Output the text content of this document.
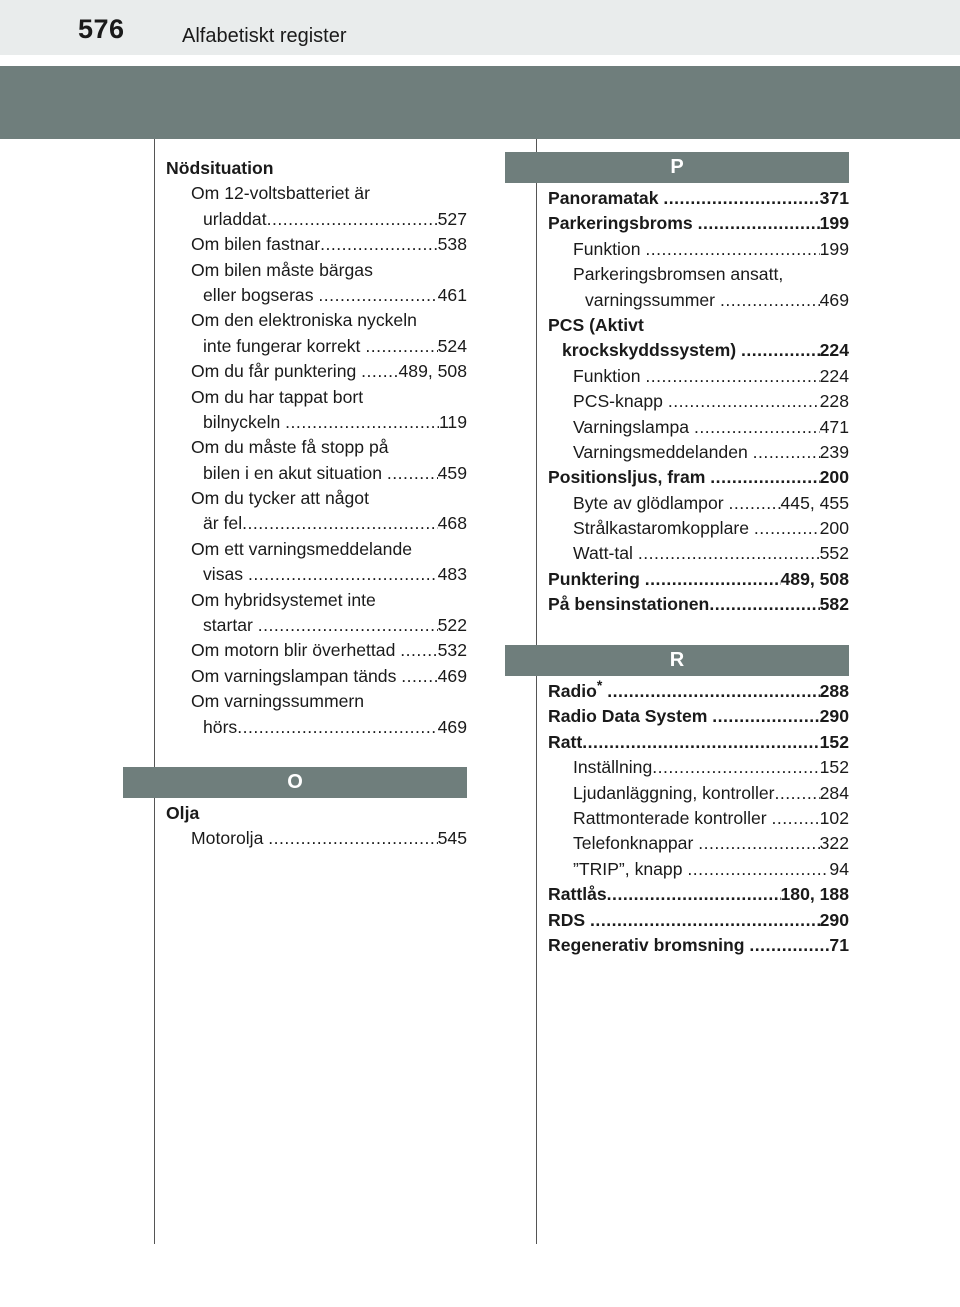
576	Alfabetiskt register
Nödsituation
Om 12-voltsbatteriet är
urladdat .....	527
Om bilen fastnar .....	538
Om bilen måste bärgas
eller bogseras .....	461
Om den elektroniska nyckeln
inte fungerar korrekt .....	524
Om du får punktering ..... 489, 508
Om du har tappat bort
bilnyckeln .....	119
Om du måste få stopp på
bilen i en akut situation .....	459
Om du tycker att något
är fel .....	468
Om ett varningsmeddelande
visas .....	483
Om hybridsystemet inte
startar .....	522
Om motorn blir överhettad ..... 532
Om varningslampan tänds ..... 469
Om varningssummern
hörs .....	469
O
Olja
Motorolja .....	545
P
Panoramatak .....	371
Parkeringsbroms .....	199
Funktion .....	199
Parkeringsbromsen ansatt,
varningssummer .....	469
PCS (Aktivt
krockskyddssystem) .....	224
Funktion .....	224
PCS-knapp .....	228
Varningslampa .....	471
Varningsmeddelanden .....	239
Positionsljus, fram .....	200
Byte av glödlampor .....	445, 455
Strålkastaromkopplare .....	200
Watt-tal .....	552
Punktering .....	489, 508
På bensinstationen .....	582
R
Radio* .....	288
Radio Data System .....	290
Ratt .....	152
Inställning .....	152
Ljudanläggning, kontroller .....	284
Rattmonterade kontroller .....	102
Telefonknappar .....	322
”TRIP”, knapp .....	94
Rattlås .....	180, 188
RDS .....	290
Regenerativ bromsning .....	71
